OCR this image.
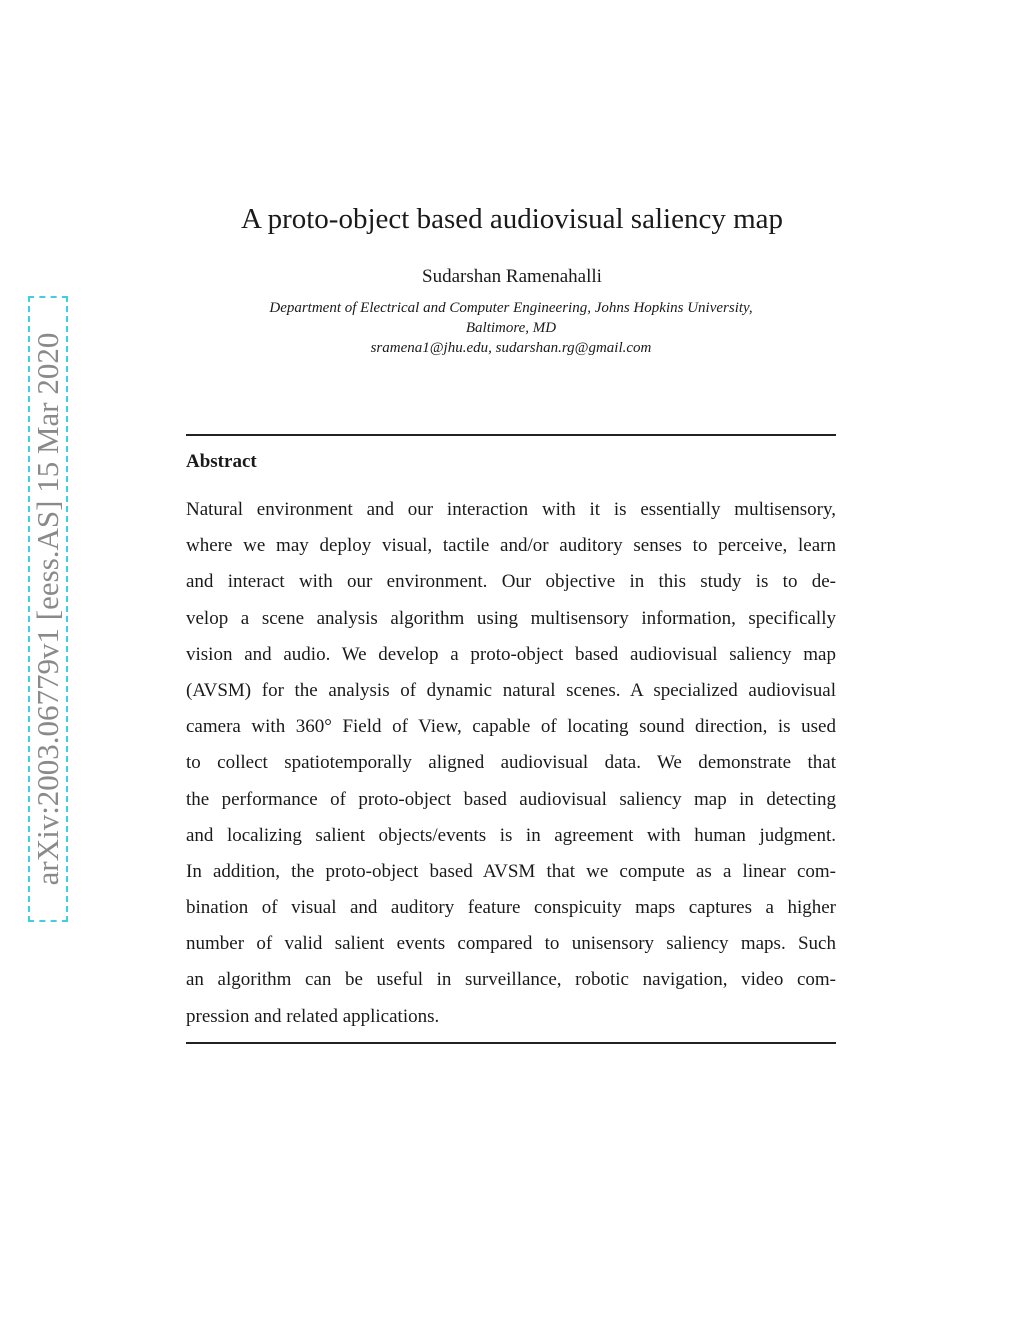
arXiv:2003.06779v1 [eess.AS] 15 Mar 2020
A proto-object based audiovisual saliency map
Sudarshan Ramenahalli
Department of Electrical and Computer Engineering, Johns Hopkins University,
Baltimore, MD
sramena1@jhu.edu, sudarshan.rg@gmail.com
Abstract
Natural environment and our interaction with it is essentially multisensory,
where we may deploy visual, tactile and/or auditory senses to perceive, learn
and interact with our environment. Our objective in this study is to de-
velop a scene analysis algorithm using multisensory information, specifically
vision and audio. We develop a proto-object based audiovisual saliency map
(AVSM) for the analysis of dynamic natural scenes. A specialized audiovisual
camera with 360° Field of View, capable of locating sound direction, is used
to collect spatiotemporally aligned audiovisual data. We demonstrate that
the performance of proto-object based audiovisual saliency map in detecting
and localizing salient objects/events is in agreement with human judgment.
In addition, the proto-object based AVSM that we compute as a linear com-
bination of visual and auditory feature conspicuity maps captures a higher
number of valid salient events compared to unisensory saliency maps. Such
an algorithm can be useful in surveillance, robotic navigation, video com-
pression and related applications.
